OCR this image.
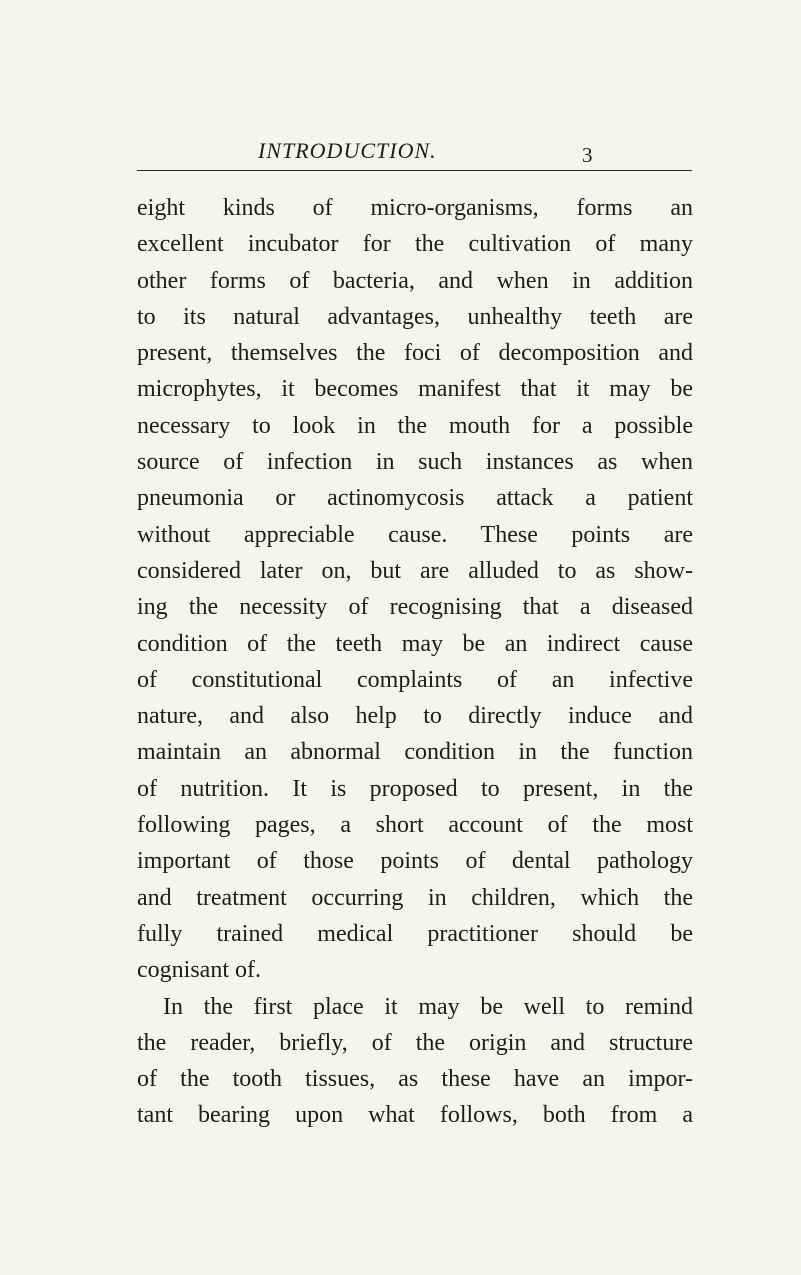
INTRODUCTION.	3
eight kinds of micro-organisms, forms an
excellent incubator for the cultivation of many
other forms of bacteria, and when in addition
to its natural advantages, unhealthy teeth are
present, themselves the foci of decomposition and
microphytes, it becomes manifest that it may be
necessary to look in the mouth for a possible
source of infection in such instances as when
pneumonia or actinomycosis attack a patient
without appreciable cause. These points are
considered later on, but are alluded to as show-
ing the necessity of recognising that a diseased
condition of the teeth may be an indirect cause
of constitutional complaints of an infective
nature, and also help to directly induce and
maintain an abnormal condition in the function
of nutrition. It is proposed to present, in the
following pages, a short account of the most
important of those points of dental pathology
and treatment occurring in children, which the
fully trained medical practitioner should be
cognisant of.
In the first place it may be well to remind
the reader, briefly, of the origin and structure
of the tooth tissues, as these have an impor-
tant bearing upon what follows, both from a
